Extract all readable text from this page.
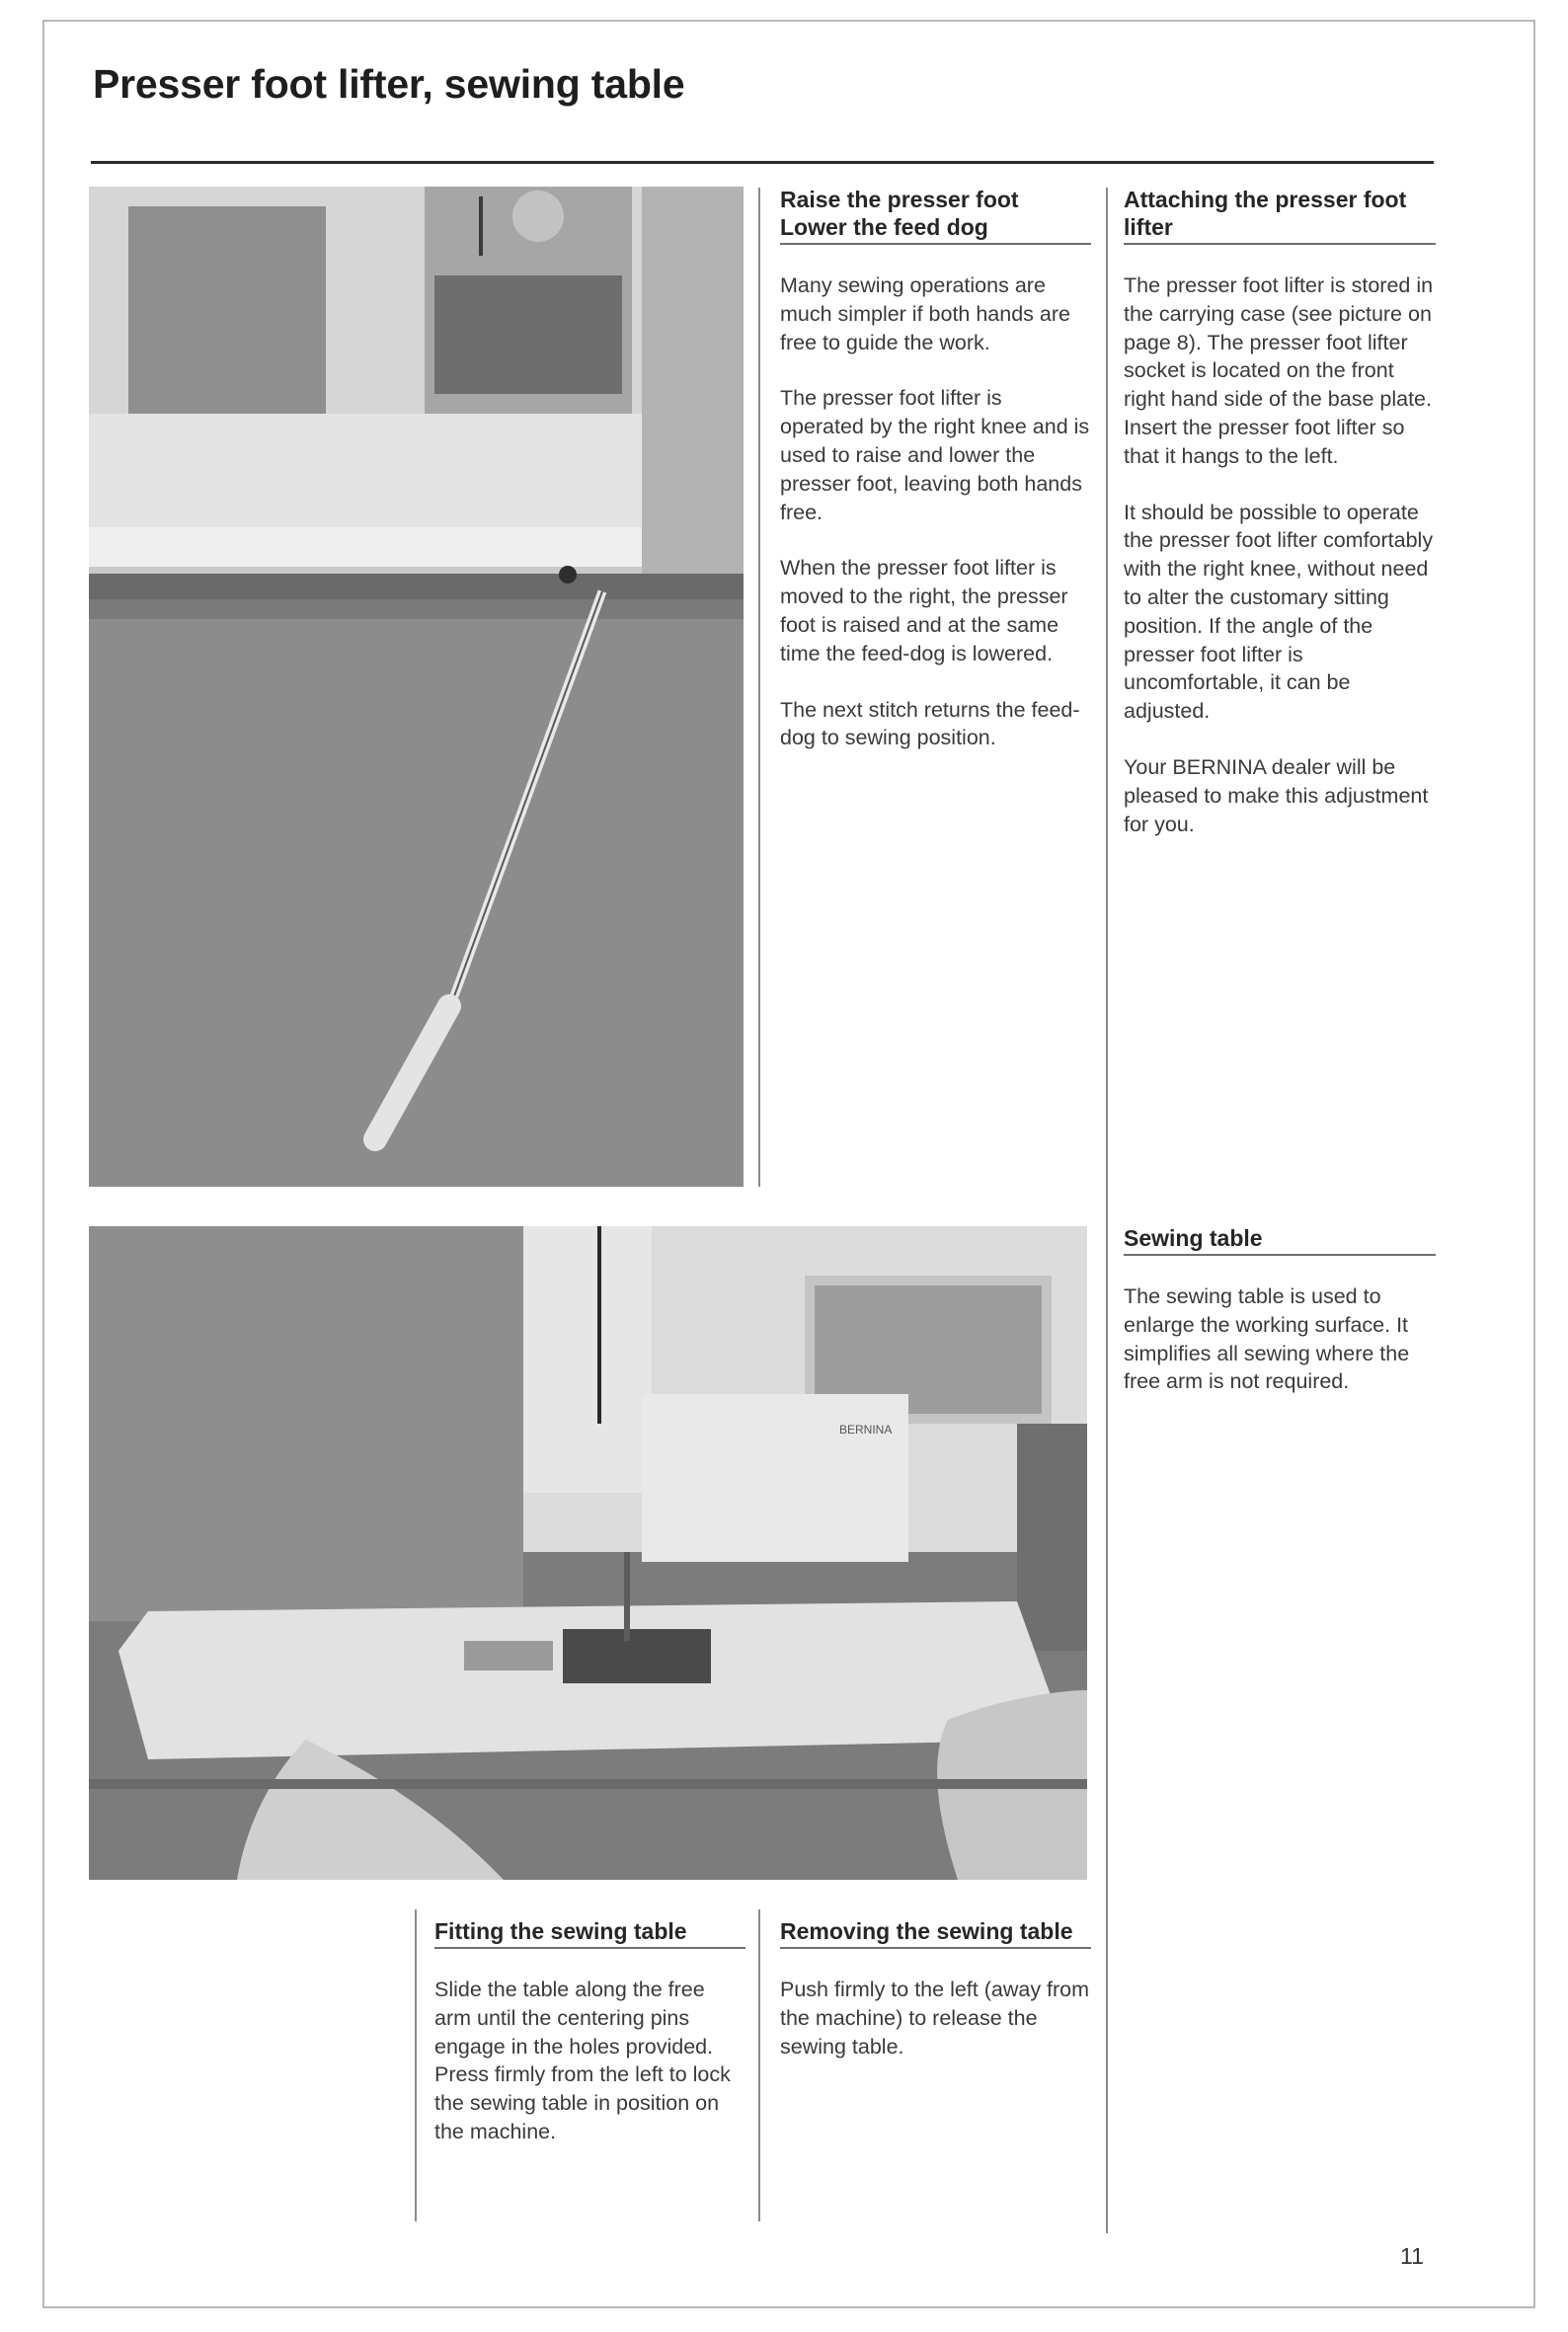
Presser foot lifter, sewing table
BERNINA
Raise the presser foot
Lower the feed dog

Many sewing operations are much simpler if both hands are free to guide the work.

The presser foot lifter is operated by the right knee and is used to raise and lower the presser foot, leaving both hands free.

When the presser foot lifter is moved to the right, the presser foot is raised and at the same time the feed-dog is lowered.

The next stitch returns the feed-dog to sewing position.

Attaching the presser foot lifter

The presser foot lifter is stored in the carrying case (see picture on page 8). The presser foot lifter socket is located on the front right hand side of the base plate. Insert the presser foot lifter so that it hangs to the left.

It should be possible to operate the presser foot lifter comfortably with the right knee, without need to alter the customary sitting position. If the angle of the presser foot lifter is uncomfortable, it can be adjusted.

Your BERNINA dealer will be pleased to make this adjustment for you.

Sewing table

The sewing table is used to enlarge the working surface. It simplifies all sewing where the free arm is not required.

Fitting the sewing table

Slide the table along the free arm until the centering pins engage in the holes provided. Press firmly from the left to lock the sewing table in position on the machine.

Removing the sewing table

Push firmly to the left (away from the machine) to release the sewing table.

11
